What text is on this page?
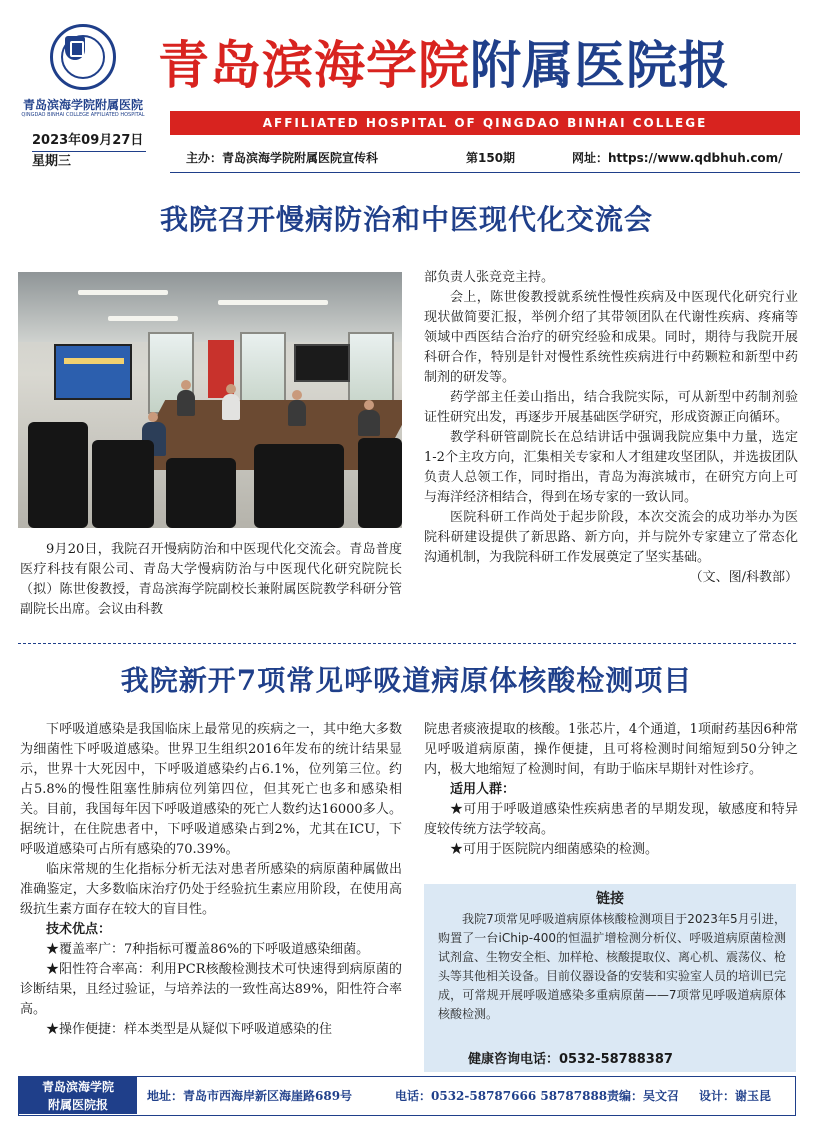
青岛滨海学院附属医院
QINGDAO BINHAI COLLEGE AFFILIATED HOSPITAL
青岛滨海学院附属医院报
AFFILIATED HOSPITAL OF QINGDAO BINHAI COLLEGE
2023年09月27日
星期三	主办：青岛滨海学院附属医院宣传科	第150期	网址：https://www.qdbhuh.com/
我院召开慢病防治和中医现代化交流会

部负责人张竞竞主持。

会上，陈世俊教授就系统性慢性疾病及中医现代化研究行业现状做简要汇报，举例介绍了其带领团队在代谢性疾病、疼痛等领域中西医结合治疗的研究经验和成果。同时，期待与我院开展科研合作，特别是针对慢性系统性疾病进行中药颗粒和新型中药制剂的研发等。

药学部主任姜山指出，结合我院实际，可从新型中药制剂验证性研究出发，再逐步开展基础医学研究，形成资源正向循环。

教学科研管副院长在总结讲话中强调我院应集中力量，选定1-2个主攻方向，汇集相关专家和人才组建攻坚团队，并选拔团队负责人总领工作，同时指出，青岛为海滨城市，在研究方向上可与海洋经济相结合，得到在场专家的一致认同。

医院科研工作尚处于起步阶段，本次交流会的成功举办为医院科研建设提供了新思路、新方向，并与院外专家建立了常态化沟通机制，为我院科研工作发展奠定了坚实基础。

（文、图/科教部）

9月20日，我院召开慢病防治和中医现代化交流会。青岛普度医疗科技有限公司、青岛大学慢病防治与中医现代化研究院院长（拟）陈世俊教授，青岛滨海学院副校长兼附属医院教学科研分管副院长出席。会议由科教

我院新开7项常见呼吸道病原体核酸检测项目

下呼吸道感染是我国临床上最常见的疾病之一，其中绝大多数为细菌性下呼吸道感染。世界卫生组织2016年发布的统计结果显示，世界十大死因中，下呼吸道感染约占6.1%，位列第三位。约占5.8%的慢性阻塞性肺病位列第四位，但其死亡也多和感染相关。目前，我国每年因下呼吸道感染的死亡人数约达16000多人。据统计，在住院患者中，下呼吸道感染占到2%，尤其在ICU，下呼吸道感染可占所有感染的70.39%。

临床常规的生化指标分析无法对患者所感染的病原菌种属做出准确鉴定，大多数临床治疗仍处于经验抗生素应用阶段，在使用高级抗生素方面存在较大的盲目性。

技术优点：

★覆盖率广：7种指标可覆盖86%的下呼吸道感染细菌。

★阳性符合率高：利用PCR核酸检测技术可快速得到病原菌的诊断结果，且经过验证，与培养法的一致性高达89%，阳性符合率高。

★操作便捷：样本类型是从疑似下呼吸道感染的住

院患者痰液提取的核酸。1张芯片，4个通道，1项耐药基因6种常见呼吸道病原菌，操作便捷，且可将检测时间缩短到50分钟之内，极大地缩短了检测时间，有助于临床早期针对性诊疗。

适用人群：

★可用于呼吸道感染性疾病患者的早期发现，敏感度和特异度较传统方法学较高。

★可用于医院院内细菌感染的检测。

链接
我院7项常见呼吸道病原体核酸检测项目于2023年5月引进，购置了一台iChip-400的恒温扩增检测分析仪、呼吸道病原菌检测试剂盒、生物安全柜、加样枪、核酸提取仪、离心机、震荡仪、枪头等其他相关设备。目前仪器设备的安装和实验室人员的培训已完成，可常规开展呼吸道感染多重病原菌——7项常见呼吸道病原体核酸检测。
健康咨询电话：0532-58788387
青岛滨海学院
附属医院报
地址：青岛市西海岸新区海崖路689号	电话：0532-58787666 58787888 责编：吴文召 设计：谢玉昆
